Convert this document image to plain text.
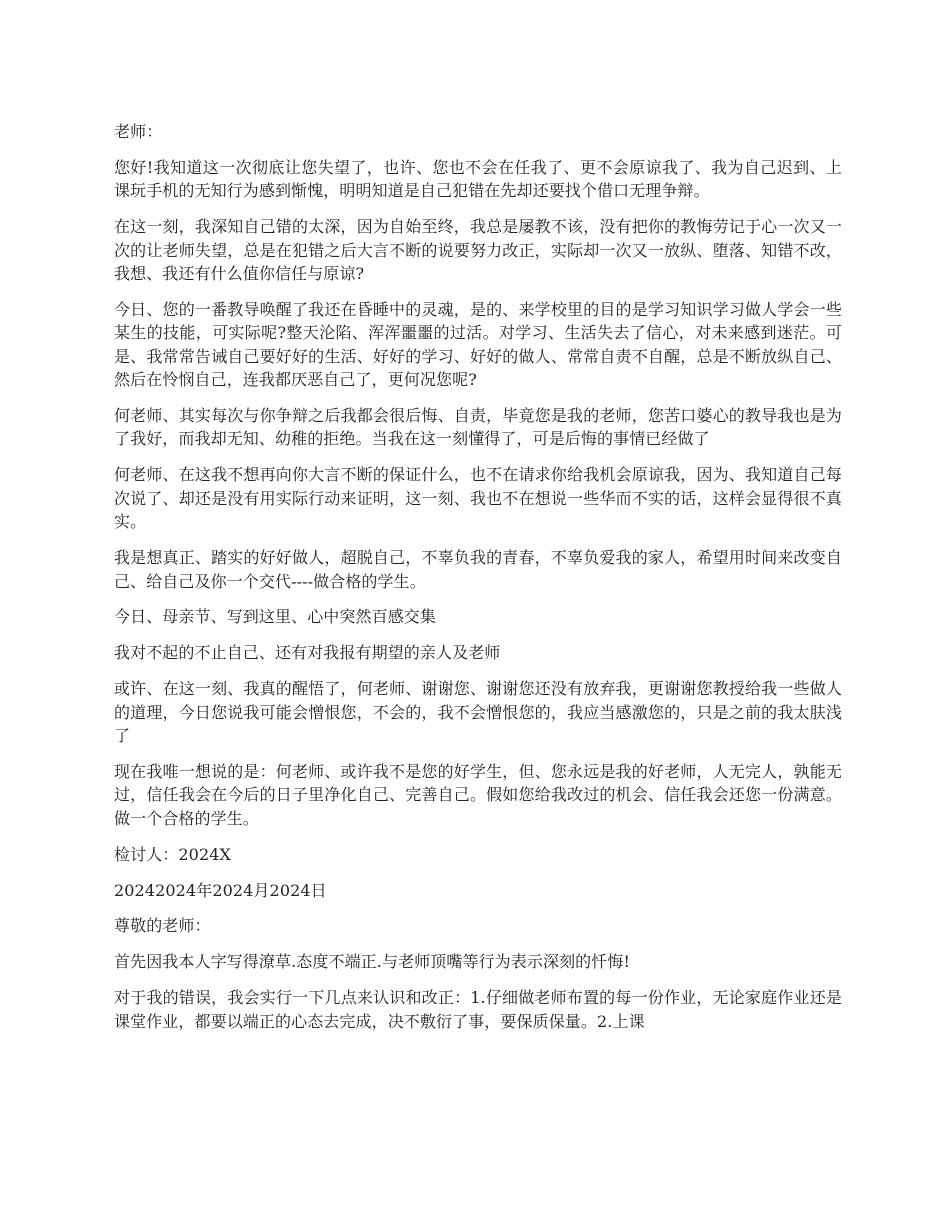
老师：

您好!我知道这一次彻底让您失望了，也许、您也不会在任我了、更不会原谅我了、我为自己迟到、上课玩手机的无知行为感到惭愧，明明知道是自己犯错在先却还要找个借口无理争辩。

在这一刻，我深知自己错的太深，因为自始至终，我总是屡教不该，没有把你的教悔劳记于心一次又一次的让老师失望，总是在犯错之后大言不断的说要努力改正，实际却一次又一放纵、堕落、知错不改，我想、我还有什么值你信任与原谅?

今日、您的一番教导唤醒了我还在昏睡中的灵魂，是的、来学校里的目的是学习知识学习做人学会一些某生的技能，可实际呢?整天沦陷、浑浑噩噩的过活。对学习、生活失去了信心，对未来感到迷茫。可是、我常常告诫自己要好好的生活、好好的学习、好好的做人、常常自责不自醒，总是不断放纵自己、然后在怜悯自己，连我都厌恶自己了，更何况您呢?

何老师、其实每次与你争辩之后我都会很后悔、自责，毕竟您是我的老师，您苦口婆心的教导我也是为了我好，而我却无知、幼稚的拒绝。当我在这一刻懂得了，可是后悔的事情已经做了

何老师、在这我不想再向你大言不断的保证什么，也不在请求你给我机会原谅我，因为、我知道自己每次说了、却还是没有用实际行动来证明，这一刻、我也不在想说一些华而不实的话，这样会显得很不真实。

我是想真正、踏实的好好做人，超脱自己，不辜负我的青春，不辜负爱我的家人，希望用时间来改变自己、给自己及你一个交代----做合格的学生。

今日、母亲节、写到这里、心中突然百感交集

我对不起的不止自己、还有对我报有期望的亲人及老师

或许、在这一刻、我真的醒悟了，何老师、谢谢您、谢谢您还没有放弃我，更谢谢您教授给我一些做人的道理，今日您说我可能会憎恨您，不会的，我不会憎恨您的，我应当感激您的，只是之前的我太肤浅了

现在我唯一想说的是：何老师、或许我不是您的好学生，但、您永远是我的好老师，人无完人，孰能无过，信任我会在今后的日子里净化自己、完善自己。假如您给我改过的机会、信任我会还您一份满意。做一个合格的学生。

检讨人：2024X

20242024年2024月2024日

尊敬的老师：

首先因我本人字写得潦草.态度不端正.与老师顶嘴等行为表示深刻的忏悔!

对于我的错误，我会实行一下几点来认识和改正：1.仔细做老师布置的每一份作业，无论家庭作业还是课堂作业，都要以端正的心态去完成，决不敷衍了事，要保质保量。2.上课
